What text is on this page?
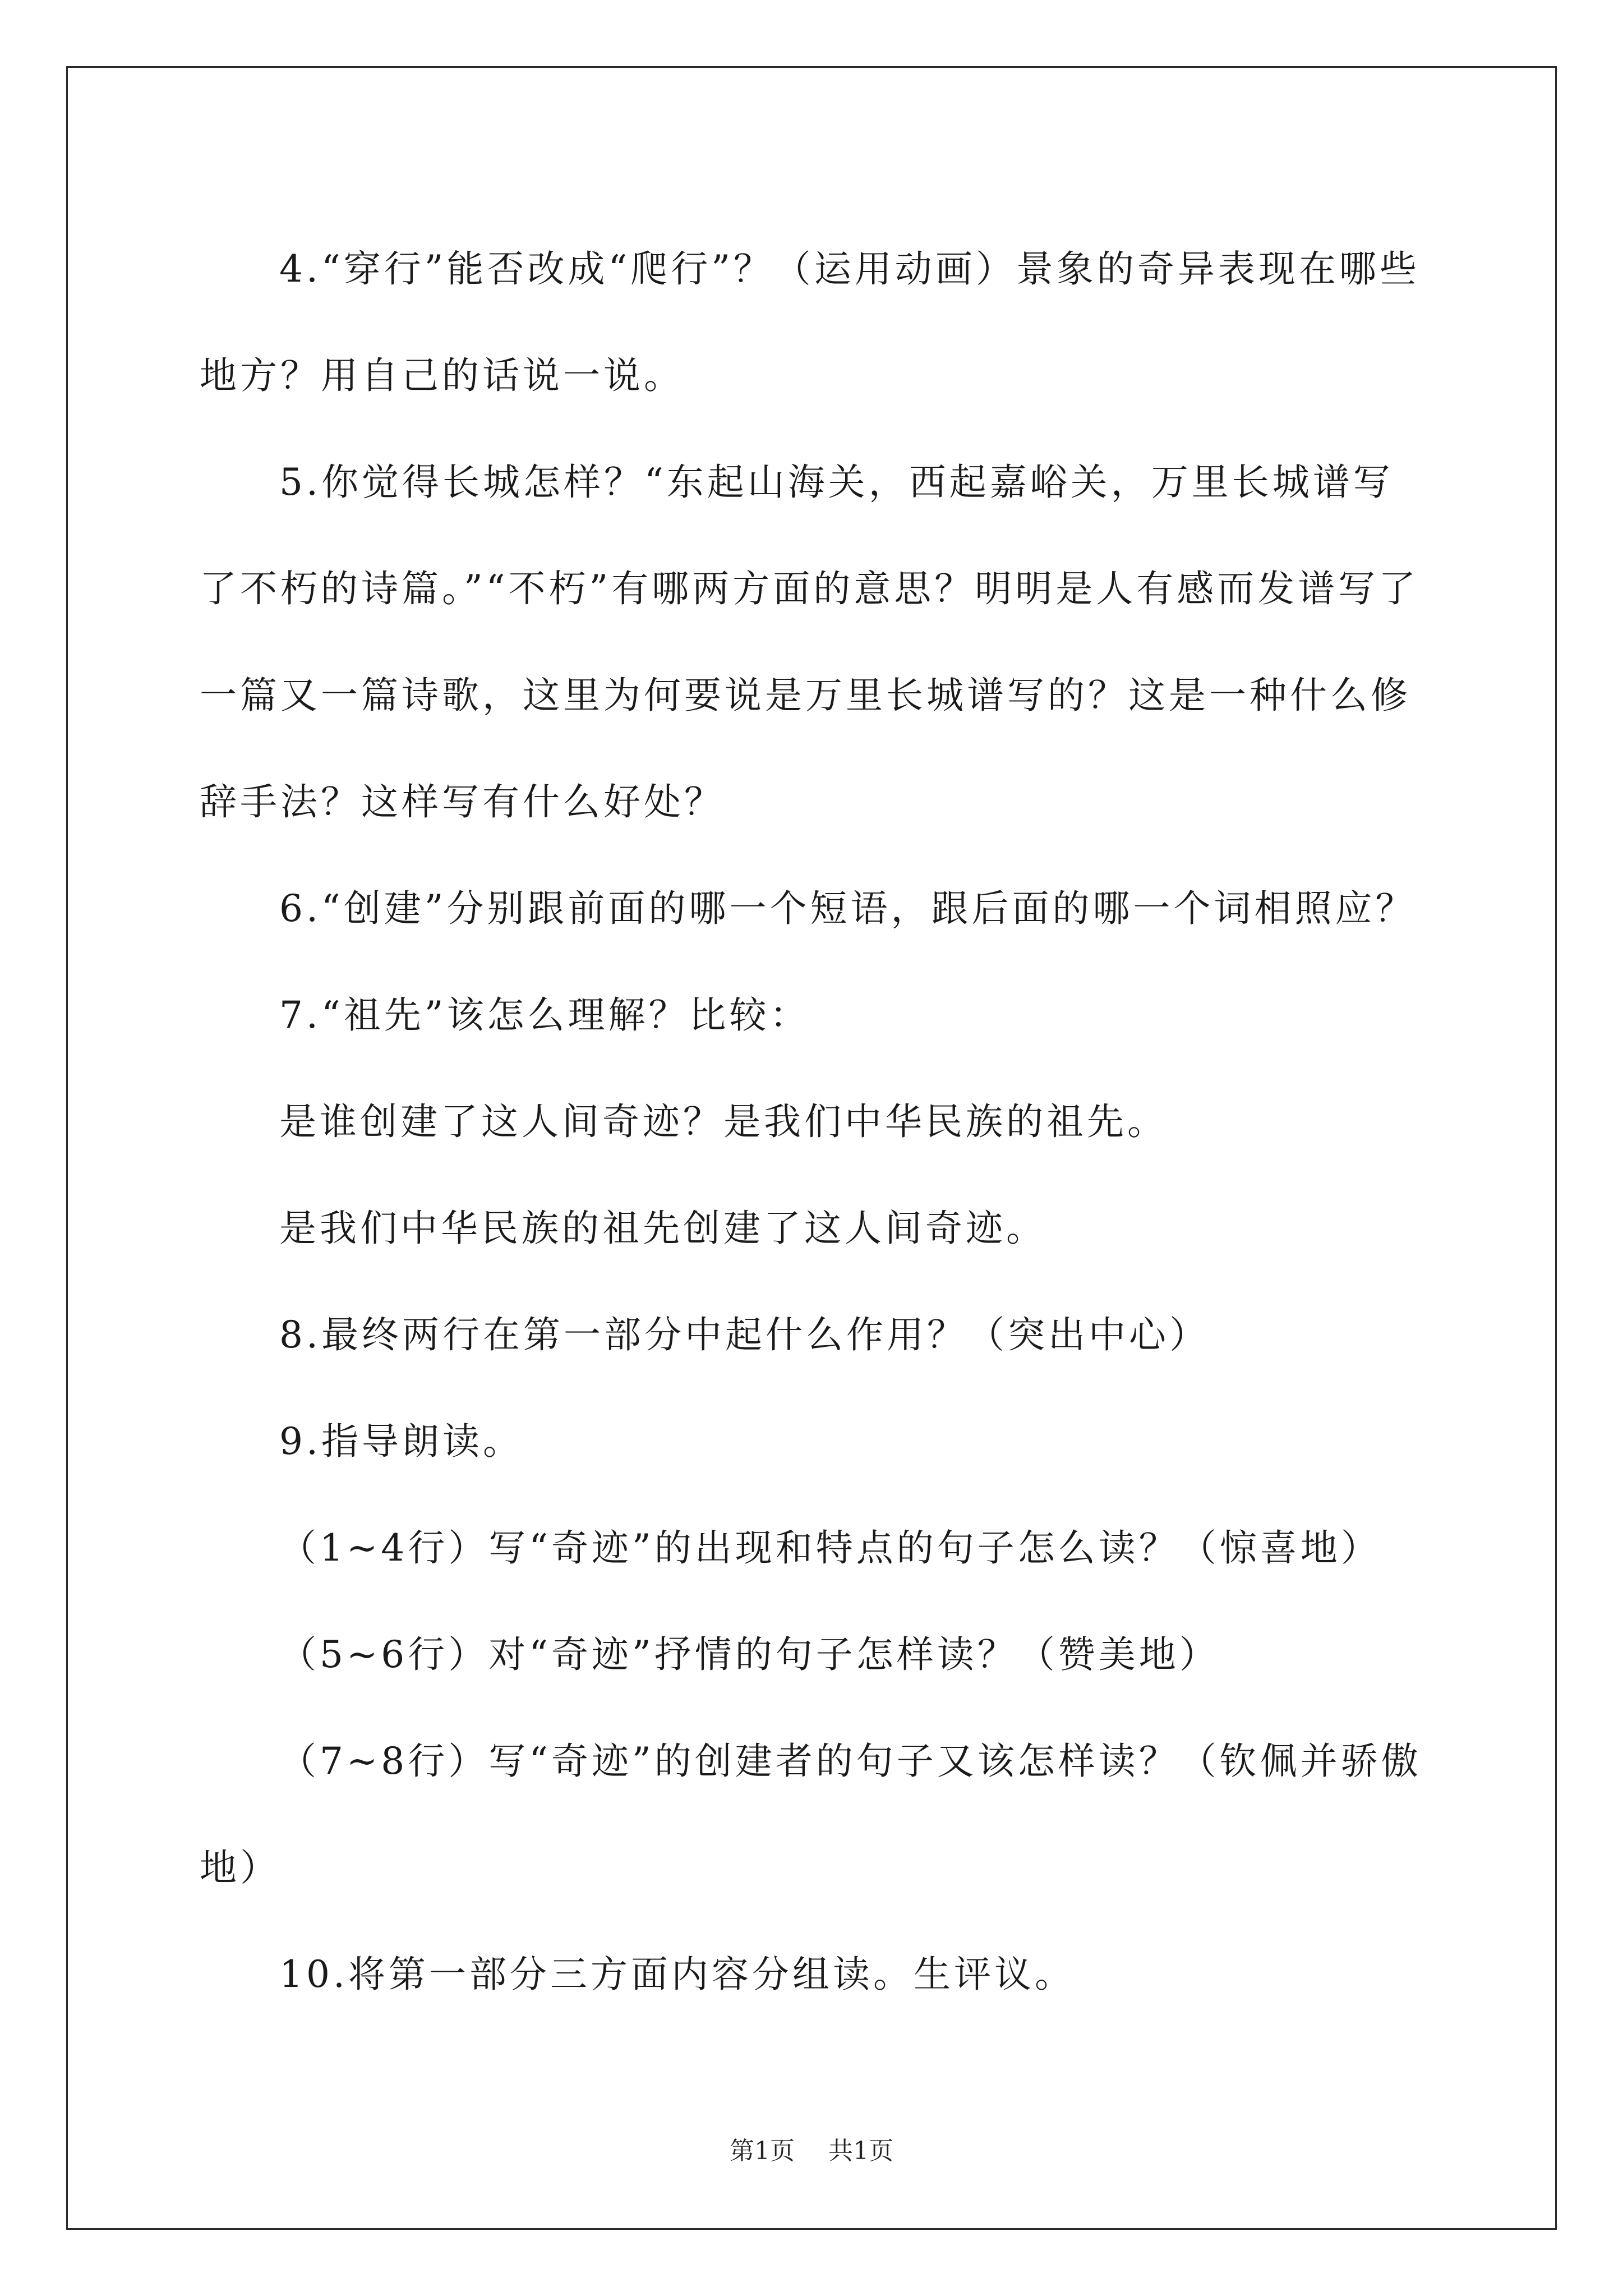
4.“穿行”能否改成“爬行”？（运用动画）景象的奇异表现在哪些地方？用自己的话说一说。

5.你觉得长城怎样？“东起山海关，西起嘉峪关，万里长城谱写了不朽的诗篇。”“不朽”有哪两方面的意思？明明是人有感而发谱写了一篇又一篇诗歌，这里为何要说是万里长城谱写的？这是一种什么修辞手法？这样写有什么好处？

6.“创建”分别跟前面的哪一个短语，跟后面的哪一个词相照应？

7.“祖先”该怎么理解？比较：

是谁创建了这人间奇迹？是我们中华民族的祖先。

是我们中华民族的祖先创建了这人间奇迹。

8.最终两行在第一部分中起什么作用？（突出中心）

9.指导朗读。

（1~4行）写“奇迹”的出现和特点的句子怎么读？（惊喜地）

（5~6行）对“奇迹”抒情的句子怎样读？（赞美地）

（7~8行）写“奇迹”的创建者的句子又该怎样读？（钦佩并骄傲地）

10.将第一部分三方面内容分组读。生评议。

第1页 共1页
